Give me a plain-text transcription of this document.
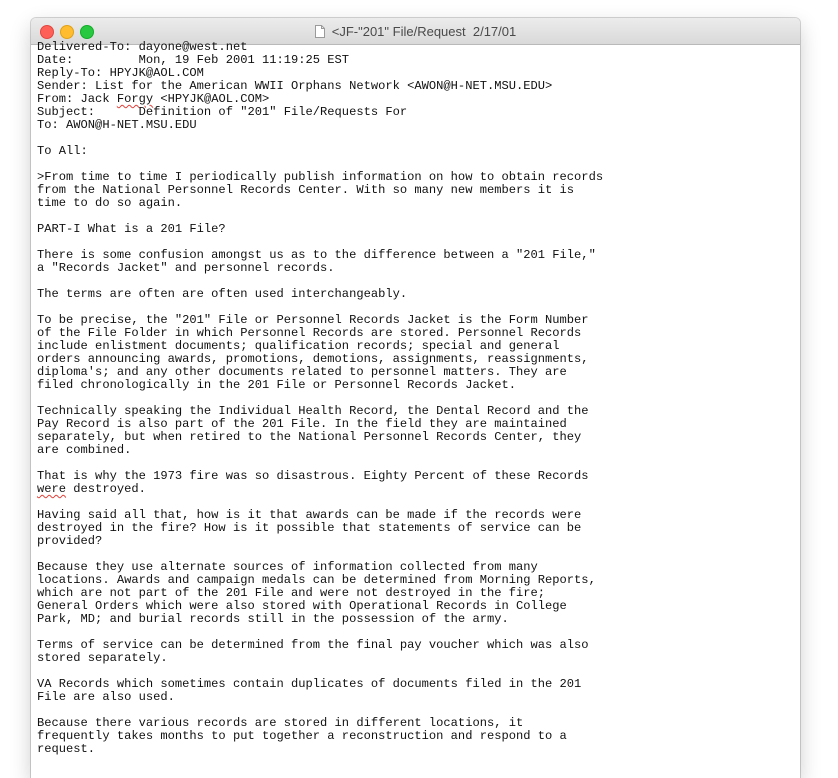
<JF-"201" File/Request  2/17/01
Delivered-To: dayone@west.net
Date:         Mon, 19 Feb 2001 11:19:25 EST
Reply-To: HPYJK@AOL.COM
Sender: List for the American WWII Orphans Network <AWON@H-NET.MSU.EDU>
From: Jack Forgy <HPYJK@AOL.COM>
Subject:      Definition of "201" File/Requests For
To: AWON@H-NET.MSU.EDU
To All:
>From time to time I periodically publish information on how to obtain records
from the National Personnel Records Center. With so many new members it is
time to do so again.
PART-I What is a 201 File?
There is some confusion amongst us as to the difference between a "201 File,"
a "Records Jacket" and personnel records.
The terms are often are often used interchangeably.
To be precise, the "201" File or Personnel Records Jacket is the Form Number
of the File Folder in which Personnel Records are stored. Personnel Records
include enlistment documents; qualification records; special and general
orders announcing awards, promotions, demotions, assignments, reassignments,
diploma's; and any other documents related to personnel matters. They are
filed chronologically in the 201 File or Personnel Records Jacket.
Technically speaking the Individual Health Record, the Dental Record and the
Pay Record is also part of the 201 File. In the field they are maintained
separately, but when retired to the National Personnel Records Center, they
are combined.
That is why the 1973 fire was so disastrous. Eighty Percent of these Records
were destroyed.
Having said all that, how is it that awards can be made if the records were
destroyed in the fire? How is it possible that statements of service can be
provided?
Because they use alternate sources of information collected from many
locations. Awards and campaign medals can be determined from Morning Reports,
which are not part of the 201 File and were not destroyed in the fire;
General Orders which were also stored with Operational Records in College
Park, MD; and burial records still in the possession of the army.
Terms of service can be determined from the final pay voucher which was also
stored separately.
VA Records which sometimes contain duplicates of documents filed in the 201
File are also used.
Because there various records are stored in different locations, it
frequently takes months to put together a reconstruction and respond to a
request.
